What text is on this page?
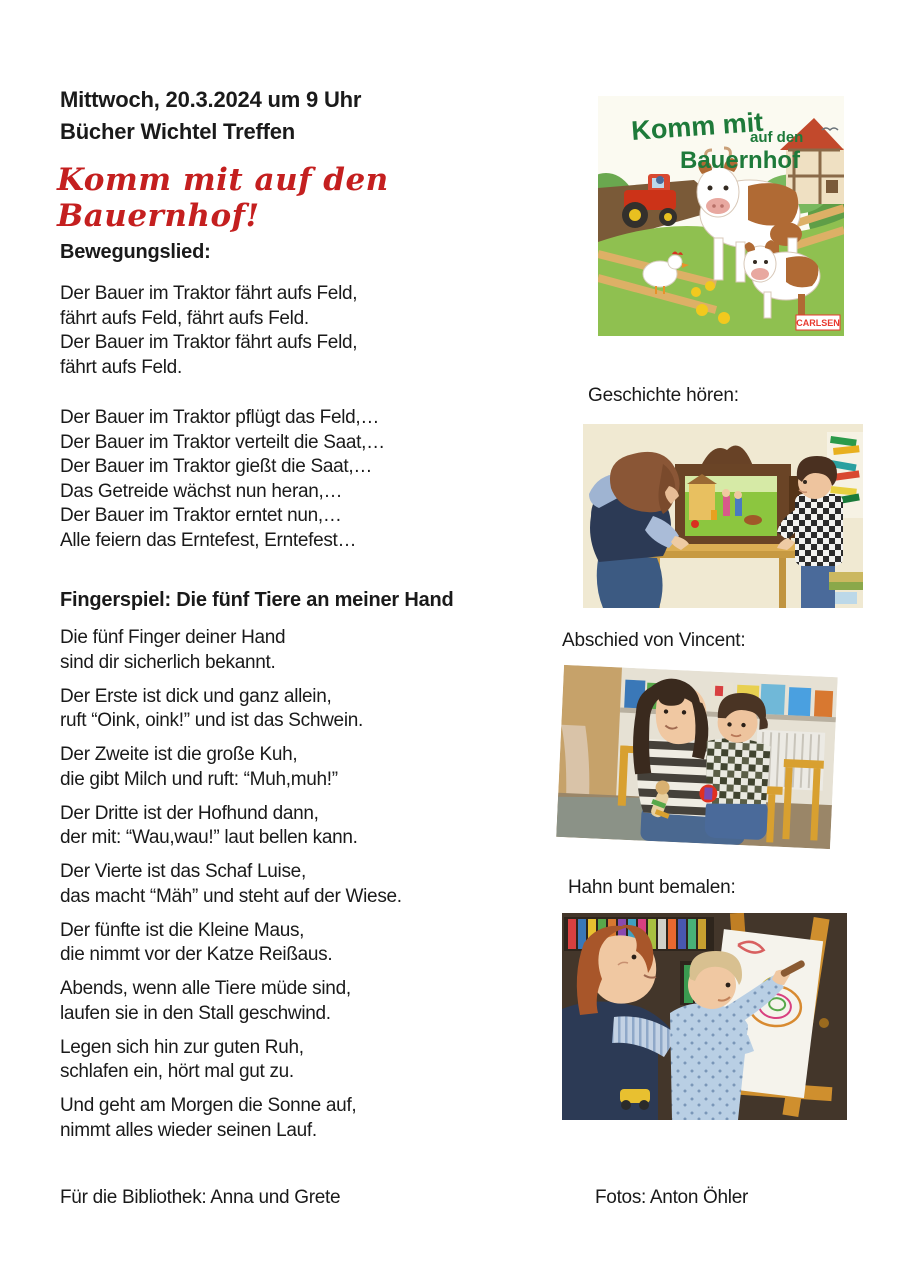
Mittwoch, 20.3.2024 um 9 Uhr
Bücher Wichtel Treffen
Komm mit auf den Bauernhof!
Bewegungslied:
Der Bauer im Traktor fährt aufs Feld,
fährt aufs Feld, fährt aufs Feld.
Der Bauer im Traktor fährt aufs Feld,
fährt aufs Feld.
Der Bauer im Traktor pflügt das Feld,…
Der Bauer im Traktor verteilt die Saat,…
Der Bauer im Traktor gießt die Saat,…
Das Getreide wächst nun heran,…
Der Bauer im Traktor erntet nun,…
Alle feiern das Erntefest, Erntefest…
Fingerspiel: Die fünf Tiere an meiner Hand
Die fünf Finger deiner Hand
sind dir sicherlich bekannt.
Der Erste ist dick und ganz allein,
ruft “Oink, oink!” und ist das Schwein.
Der Zweite ist die große Kuh,
die gibt Milch und ruft: “Muh,muh!”
Der Dritte ist der Hofhund dann,
der mit: “Wau,wau!” laut bellen kann.
Der Vierte ist das Schaf Luise,
das macht “Mäh” und steht auf der Wiese.
Der fünfte ist die Kleine Maus,
die nimmt vor der Katze Reißaus.
Abends, wenn alle Tiere müde sind,
laufen sie in den Stall geschwind.
Legen sich hin zur guten Ruh,
schlafen ein, hört mal gut zu.
Und geht am Morgen die Sonne auf,
nimmt alles wieder seinen Lauf.
Für die Bibliothek: Anna und Grete	Fotos: Anton Öhler
Komm mit
auf den
Bauernhof
CARLSEN
Geschichte hören:
Abschied von Vincent:
Hahn bunt bemalen:
